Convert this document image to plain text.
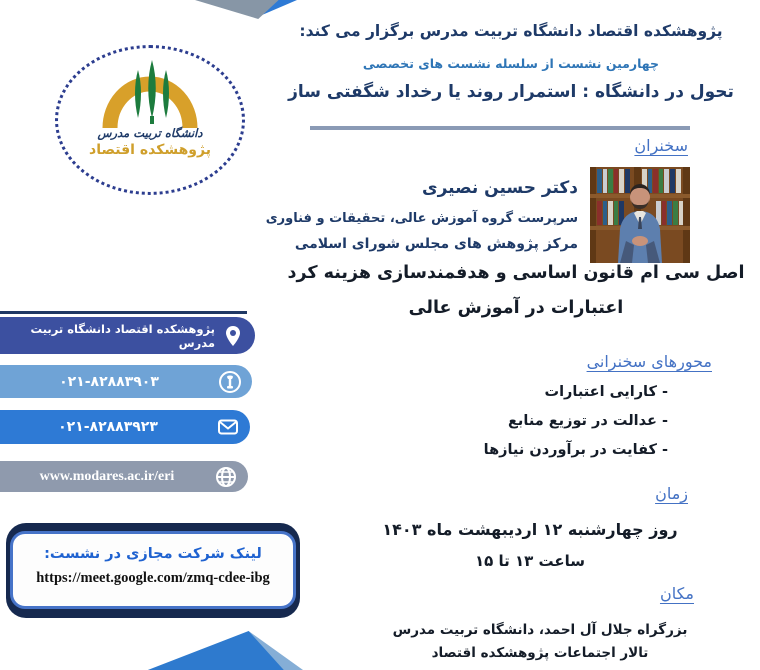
دانشگاه تربیت مدرس
پژوهشکده اقتصاد
پژوهشکده اقتصاد دانشگاه تربیت مدرس برگزار می کند:
چهارمین نشست از سلسله نشست های تخصصی
تحول در دانشگاه : استمرار روند یا رخداد شگفتی ساز
سخنران
دکتر حسین نصیری
سرپرست گروه آموزش عالی، تحقیقات و فناوری
مرکز پژوهش های مجلس شورای اسلامی
اصل سی ام قانون اساسی و هدفمندسازی هزینه کرد
اعتبارات در آموزش عالی
محورهای سخنرانی
- کارایی اعتبارات
- عدالت در توزیع منابع
- کفایت در برآوردن نیازها
زمان
روز چهارشنبه ۱۲ اردیبهشت ماه ۱۴۰۳
ساعت ۱۳ تا ۱۵
مکان
بزرگراه جلال آل احمد، دانشگاه تربیت مدرس
تالار اجتماعات پژوهشکده اقتصاد
پژوهشکده اقتصاد دانشگاه تربیت مدرس
۰۲۱-۸۲۸۸۳۹۰۳
۰۲۱-۸۲۸۸۳۹۲۳
www.modares.ac.ir/eri
لینک شرکت مجازی در نشست:
https://meet.google.com/zmq-cdee-ibg
